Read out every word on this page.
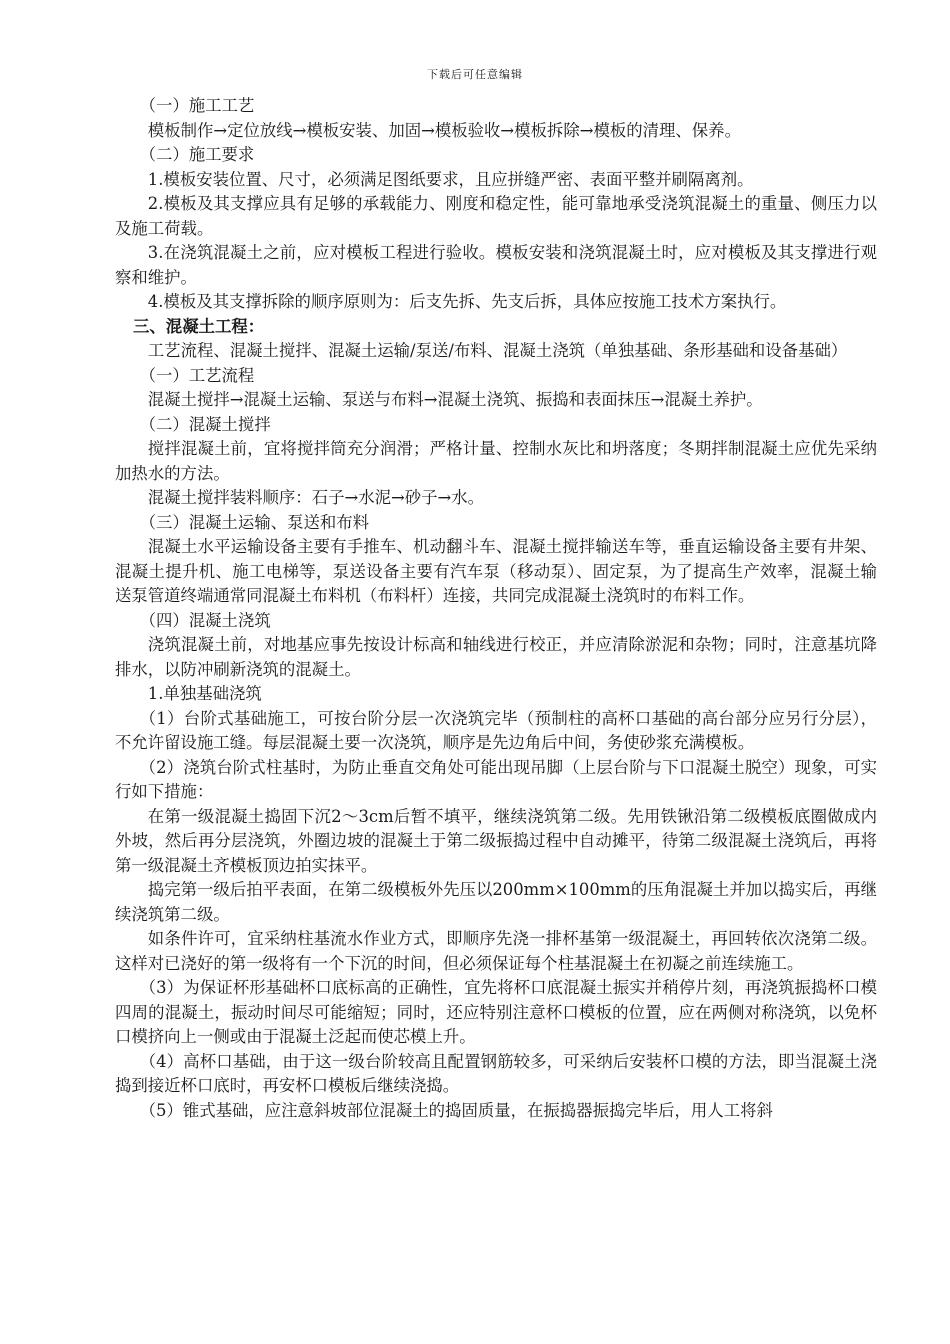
下载后可任意编辑

（一）施工工艺

模板制作→定位放线→模板安装、加固→模板验收→模板拆除→模板的清理、保养。

（二）施工要求

1.模板安装位置、尺寸，必须满足图纸要求，且应拼缝严密、表面平整并刷隔离剂。

2.模板及其支撑应具有足够的承载能力、刚度和稳定性，能可靠地承受浇筑混凝土的重量、侧压力以及施工荷载。

3.在浇筑混凝土之前，应对模板工程进行验收。模板安装和浇筑混凝土时，应对模板及其支撑进行观察和维护。

4.模板及其支撑拆除的顺序原则为：后支先拆、先支后拆，具体应按施工技术方案执行。

三、混凝土工程：

工艺流程、混凝土搅拌、混凝土运输/泵送/布料、混凝土浇筑（单独基础、条形基础和设备基础）

（一）工艺流程

混凝土搅拌→混凝土运输、泵送与布料→混凝土浇筑、振捣和表面抹压→混凝土养护。

（二）混凝土搅拌

搅拌混凝土前，宜将搅拌筒充分润滑；严格计量、控制水灰比和坍落度；冬期拌制混凝土应优先采纳加热水的方法。

混凝土搅拌装料顺序：石子→水泥→砂子→水。

（三）混凝土运输、泵送和布料

混凝土水平运输设备主要有手推车、机动翻斗车、混凝土搅拌输送车等，垂直运输设备主要有井架、混凝土提升机、施工电梯等，泵送设备主要有汽车泵（移动泵）、固定泵，为了提高生产效率，混凝土输送泵管道终端通常同混凝土布料机（布料杆）连接，共同完成混凝土浇筑时的布料工作。

（四）混凝土浇筑

浇筑混凝土前，对地基应事先按设计标高和轴线进行校正，并应清除淤泥和杂物；同时，注意基坑降排水，以防冲刷新浇筑的混凝土。

1.单独基础浇筑

（1）台阶式基础施工，可按台阶分层一次浇筑完毕（预制柱的高杯口基础的高台部分应另行分层），不允许留设施工缝。每层混凝土要一次浇筑，顺序是先边角后中间，务使砂浆充满模板。

（2）浇筑台阶式柱基时，为防止垂直交角处可能出现吊脚（上层台阶与下口混凝土脱空）现象，可实行如下措施：

在第一级混凝土捣固下沉2～3cm后暂不填平，继续浇筑第二级。先用铁锹沿第二级模板底圈做成内外坡，然后再分层浇筑，外圈边坡的混凝土于第二级振捣过程中自动摊平，待第二级混凝土浇筑后，再将第一级混凝土齐模板顶边拍实抹平。

捣完第一级后拍平表面，在第二级模板外先压以200mm×100mm的压角混凝土并加以捣实后，再继续浇筑第二级。

如条件许可，宜采纳柱基流水作业方式，即顺序先浇一排杯基第一级混凝土，再回转依次浇第二级。这样对已浇好的第一级将有一个下沉的时间，但必须保证每个柱基混凝土在初凝之前连续施工。

（3）为保证杯形基础杯口底标高的正确性，宜先将杯口底混凝土振实并稍停片刻，再浇筑振捣杯口模四周的混凝土，振动时间尽可能缩短；同时，还应特别注意杯口模板的位置，应在两侧对称浇筑，以免杯口模挤向上一侧或由于混凝土泛起而使芯模上升。

（4）高杯口基础，由于这一级台阶较高且配置钢筋较多，可采纳后安装杯口模的方法，即当混凝土浇捣到接近杯口底时，再安杯口模板后继续浇捣。

（5）锥式基础，应注意斜坡部位混凝土的捣固质量，在振捣器振捣完毕后，用人工将斜
